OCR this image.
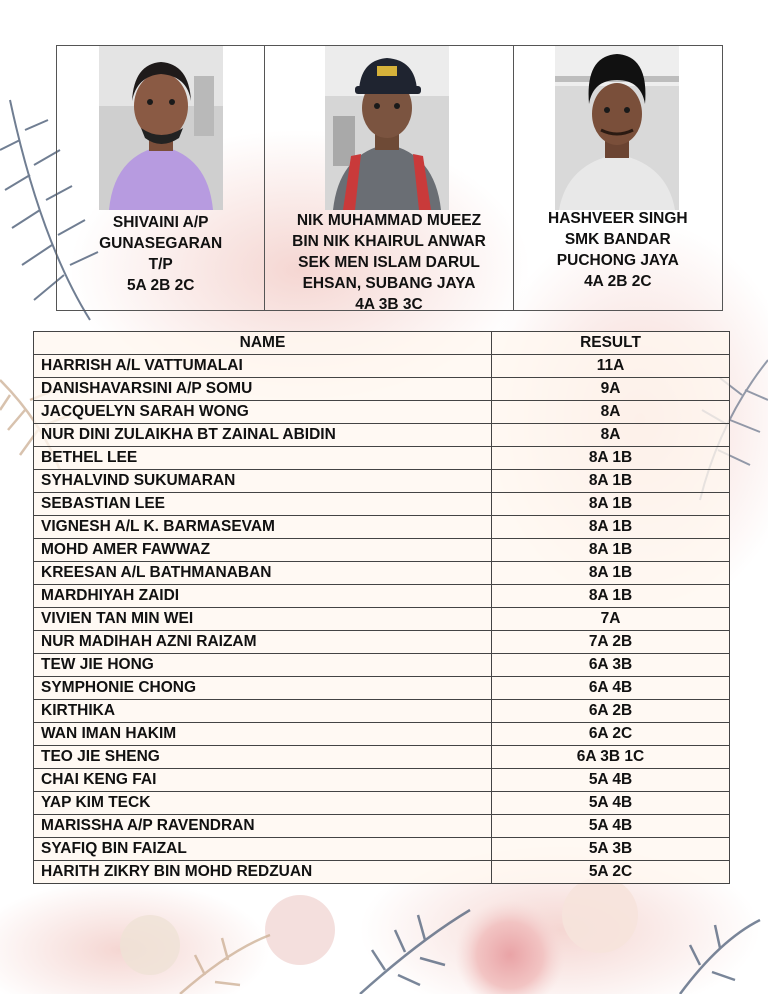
SHIVAINI A/P
GUNASEGARAN
T/P
5A 2B 2C
NIK MUHAMMAD MUEEZ
BIN NIK KHAIRUL ANWAR
SEK MEN ISLAM DARUL
EHSAN, SUBANG JAYA
4A 3B 3C
HASHVEER SINGH
SMK BANDAR
PUCHONG JAYA
4A 2B 2C
NAME	RESULT
HARRISH A/L VATTUMALAI	11A
DANISHAVARSINI A/P SOMU	9A
JACQUELYN SARAH WONG	8A
NUR DINI ZULAIKHA BT ZAINAL ABIDIN	8A
BETHEL LEE	8A 1B
SYHALVIND SUKUMARAN	8A 1B
SEBASTIAN LEE	8A 1B
VIGNESH A/L K. BARMASEVAM	8A 1B
MOHD AMER FAWWAZ	8A 1B
KREESAN A/L BATHMANABAN	8A 1B
MARDHIYAH ZAIDI	8A 1B
VIVIEN TAN MIN WEI	7A
NUR MADIHAH AZNI RAIZAM	7A 2B
TEW JIE HONG	6A 3B
SYMPHONIE CHONG	6A 4B
KIRTHIKA	6A 2B
WAN IMAN HAKIM	6A 2C
TEO JIE SHENG	6A 3B 1C
CHAI KENG FAI	5A 4B
YAP KIM TECK	5A 4B
MARISSHA A/P RAVENDRAN	5A 4B
SYAFIQ BIN FAIZAL	5A 3B
HARITH ZIKRY BIN MOHD REDZUAN	5A 2C
